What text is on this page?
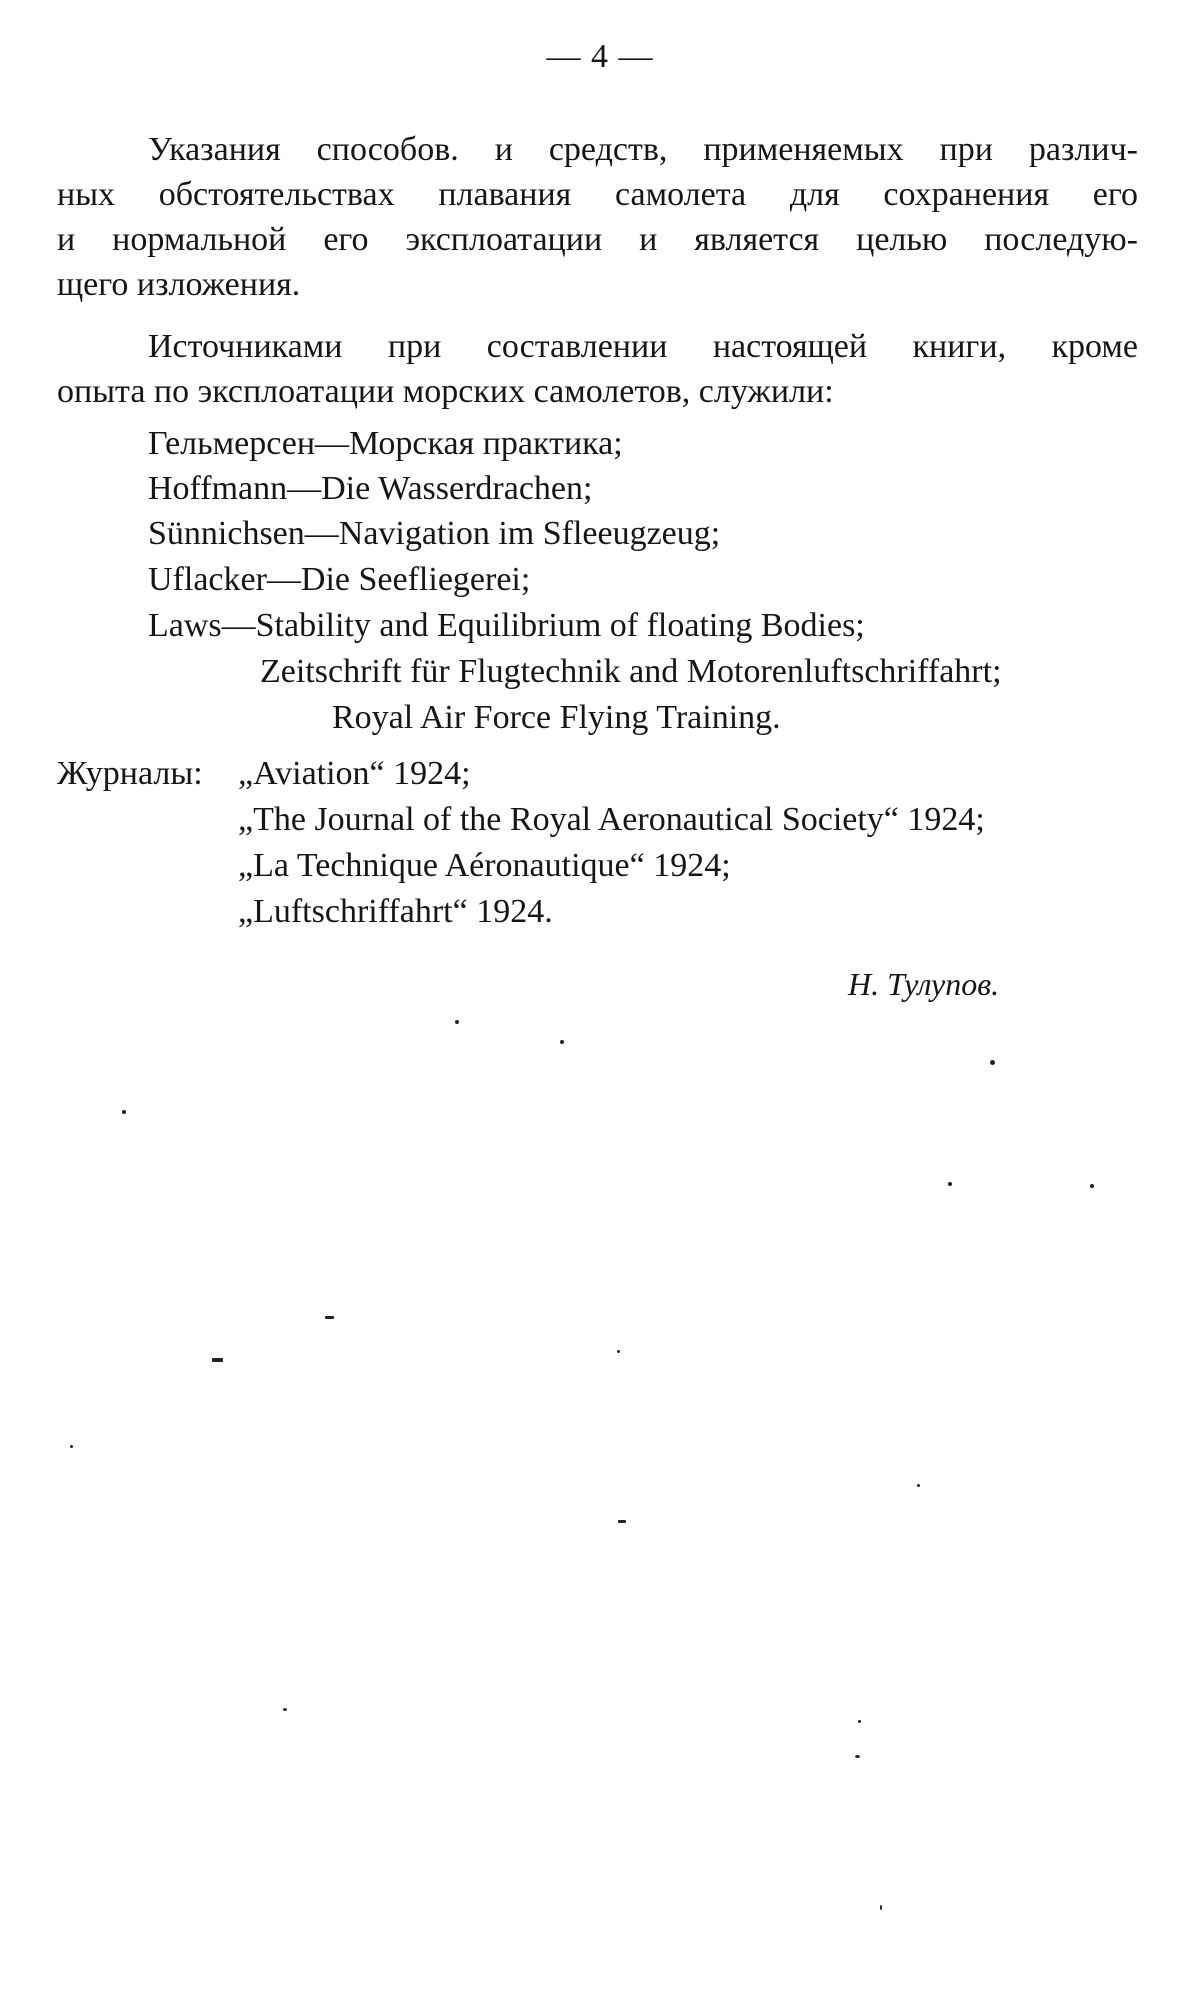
— 4 —
Указания способов. и средств, применяемых при различ-
ных обстоятельствах плавания самолета для сохранения его
и нормальной его эксплоатации и является целью последую-
щего изложения.
Источниками при составлении настоящей книги, кроме
опыта по эксплоатации морских самолетов, служили:
Гельмерсен—Морская практика;
Hoffmann—Die Wasserdrachen;
Sünnichsen—Navigation im Sfleeugzeug;
Uflacker—Die Seefliegerei;
Laws—Stability and Equilibrium of floating Bodies;
Zeitschrift für Flugtechnik and Motorenluftschriffahrt;
Royal Air Force Flying Training.
Журналы: „Aviation“ 1924;
„The Journal of the Royal Aeronautical Society“ 1924;
„La Technique Aéronautique“ 1924;
„Luftschriffahrt“ 1924.
Н. Тулупов.
